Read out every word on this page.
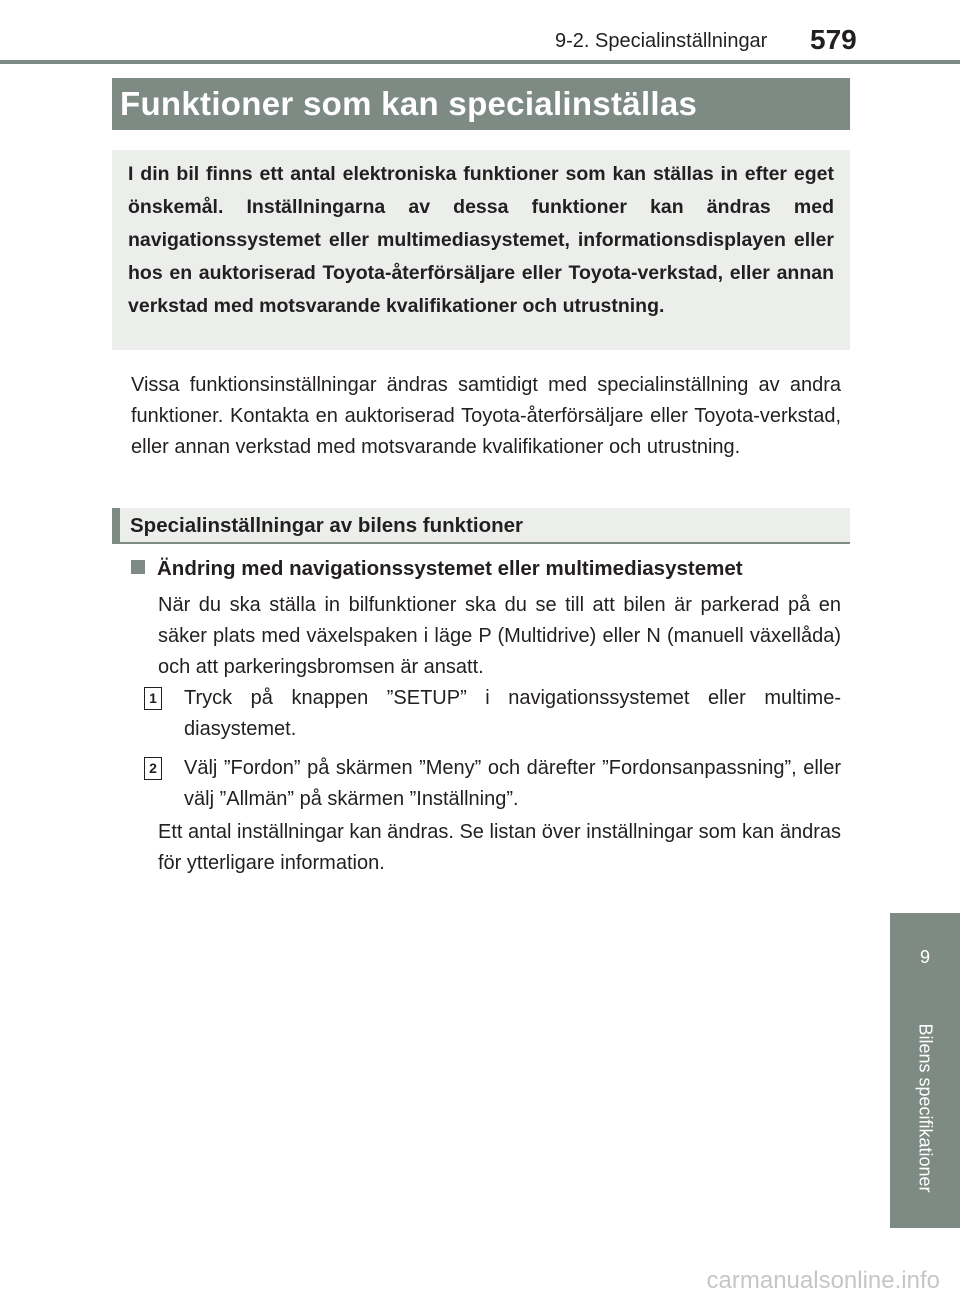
9-2. Specialinställningar 579
Funktioner som kan specialinställas
I din bil finns ett antal elektroniska funktioner som kan ställas in efter eget önskemål. Inställningarna av dessa funktioner kan ändras med navigationssystemet eller multimediasystemet, informationsdisplayen eller hos en auktoriserad Toyota-återförsäljare eller Toyota-verkstad, eller annan verkstad med motsvarande kvalifikationer och utrustning.
Vissa funktionsinställningar ändras samtidigt med specialinställning av andra funktioner. Kontakta en auktoriserad Toyota-återförsäljare eller Toyota-verkstad, eller annan verkstad med motsvarande kvalifikationer och utrustning.
Specialinställningar av bilens funktioner
Ändring med navigationssystemet eller multimediasystemet
När du ska ställa in bilfunktioner ska du se till att bilen är parkerad på en säker plats med växelspaken i läge P (Multidrive) eller N (manuell växellåda) och att parkeringsbromsen är ansatt.
1 Tryck på knappen ”SETUP” i navigationssystemet eller multimediasystemet.
2 Välj ”Fordon” på skärmen ”Meny” och därefter ”Fordonsanpassning”, eller välj ”Allmän” på skärmen ”Inställning”.
Ett antal inställningar kan ändras. Se listan över inställningar som kan ändras för ytterligare information.
9
Bilens specifikationer
carmanualsonline.info
